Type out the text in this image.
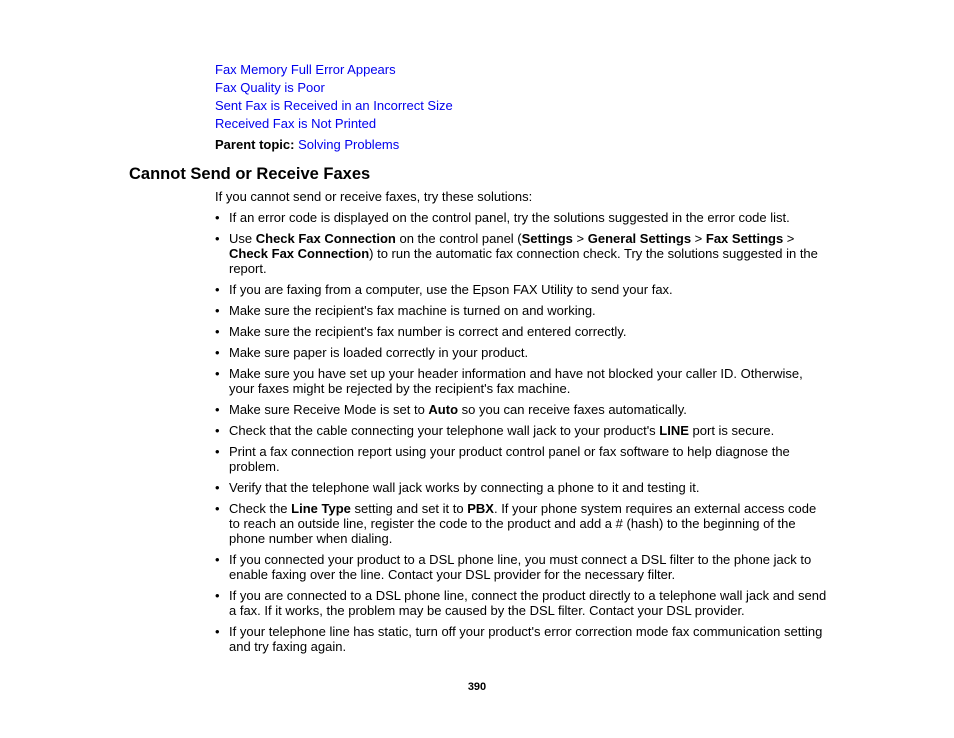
Fax Memory Full Error Appears
Fax Quality is Poor
Sent Fax is Received in an Incorrect Size
Received Fax is Not Printed
Parent topic: Solving Problems
Cannot Send or Receive Faxes
If you cannot send or receive faxes, try these solutions:
• If an error code is displayed on the control panel, try the solutions suggested in the error code list.
• Use Check Fax Connection on the control panel (Settings > General Settings > Fax Settings > Check Fax Connection) to run the automatic fax connection check. Try the solutions suggested in the report.
• If you are faxing from a computer, use the Epson FAX Utility to send your fax.
• Make sure the recipient's fax machine is turned on and working.
• Make sure the recipient's fax number is correct and entered correctly.
• Make sure paper is loaded correctly in your product.
• Make sure you have set up your header information and have not blocked your caller ID. Otherwise, your faxes might be rejected by the recipient's fax machine.
• Make sure Receive Mode is set to Auto so you can receive faxes automatically.
• Check that the cable connecting your telephone wall jack to your product's LINE port is secure.
• Print a fax connection report using your product control panel or fax software to help diagnose the problem.
• Verify that the telephone wall jack works by connecting a phone to it and testing it.
• Check the Line Type setting and set it to PBX. If your phone system requires an external access code to reach an outside line, register the code to the product and add a # (hash) to the beginning of the phone number when dialing.
• If you connected your product to a DSL phone line, you must connect a DSL filter to the phone jack to enable faxing over the line. Contact your DSL provider for the necessary filter.
• If you are connected to a DSL phone line, connect the product directly to a telephone wall jack and send a fax. If it works, the problem may be caused by the DSL filter. Contact your DSL provider.
• If your telephone line has static, turn off your product's error correction mode fax communication setting and try faxing again.
390
